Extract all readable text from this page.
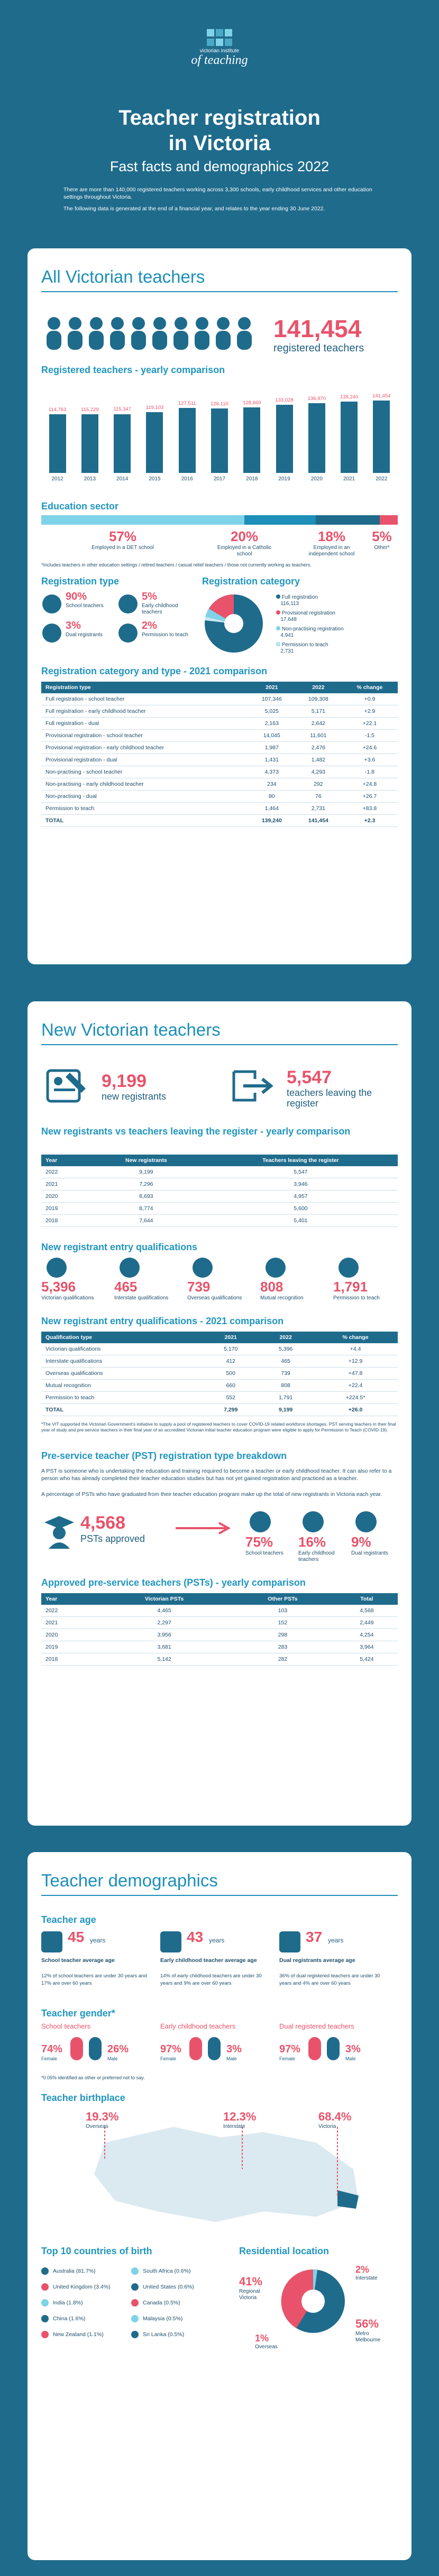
victorian institute
of teaching
Teacher registration
in Victoria
Fast facts and demographics 2022
There are more than 140,000 registered teachers working across 3,300 schools, early childhood services and other education settings throughout Victoria.
The following data is generated at the end of a financial year, and relates to the year ending 30 June 2022.
All Victorian teachers
141,454
registered teachers
Registered teachers - yearly comparison
114,763
2012
115,229
2013
115,347
2014
119,103
2015
127,511
2016
126,110
2017
128,669
2018
133,028
2019
136,970
2020
139,240
2021
141,454
2022
Education sector
57%
Employed in a DET school
20%
Employed in a Catholic school
18%
Employed in an independent school
5%
Other*
*Includes teachers in other education settings / retired teachers / casual relief teachers / those not currently working as teachers.
Registration type
90%
School teachers
5%
Early childhood teachers
3%
Dual registrants
2%
Permission to teach
Registration category
Full registration
116,113
Provisional registration
17,648
Non-practising registration
4,941
Permission to teach
2,731
Registration category and type - 2021 comparison
Registration type	2021	2022	% change
Full registration - school teacher	107,346	109,308	+0.9
Full registration - early childhood teacher	5,025	5,171	+2.9
Full registration - dual	2,163	2,642	+22.1
Provisional registration - school teacher	14,045	11,601	-1.5
Provisional registration - early childhood teacher	1,987	2,476	+24.6
Provisional registration - dual	1,431	1,482	+3.6
Non-practising - school teacher	4,373	4,293	-1.8
Non-practising - early childhood teacher	234	292	+24.8
Non-practising - dual	80	76	+26.7
Permission to teach	1,464	2,731	+83.8
TOTAL	139,240	141,454	+2.3
New Victorian teachers
9,199
new registrants
5,547
teachers leaving the register
New registrants vs teachers leaving the register - yearly comparison
Year	New registrants	Teachers leaving the register
2022	9,199	5,547
2021	7,296	3,946
2020	8,693	4,957
2019	8,774	5,600
2018	7,644	5,401
New registrant entry qualifications
New registrant entry qualifications - 2021 comparison
Qualification type	2021	2022	% change
Victorian qualifications	5,170	5,396	+4.4
Interstate qualifications	412	465	+12.9
Overseas qualifications	500	739	+47.8
Mutual recognition	660	808	+22.4
Permission to teach	552	1,791	+224.5*
TOTAL	7,299	9,199	+26.0
*The VIT supported the Victorian Government's initiative to supply a pool of registered teachers to cover COVID-19 related workforce shortages. PST serving teachers in their final year of study and pre-service teachers in their final year of an accredited Victorian initial teacher education program were eligible to apply for Permission to Teach (COVID-19).
Pre-service teacher (PST) registration type breakdown
A PST is someone who is undertaking the education and training required to become a teacher or early childhood teacher. It can also refer to a person who has already completed their teacher education studies but has not yet gained registration and practiced as a teacher.
A percentage of PSTs who have graduated from their teacher education program make up the total of new registrants in Victoria each year.
4,568
PSTs approved	75%
School teachers
16%
Early childhood teachers
9%
Dual registrants
Approved pre-service teachers (PSTs) - yearly comparison
Year	Victorian PSTs	Other PSTs	Total
2022	4,465	103	4,568
2021	2,297	152	2,449
2020	3,956	298	4,254
2019	3,681	283	3,964
2018	5,142	282	5,424
5,396
Victorian qualifications
465
Interstate qualifications
739
Overseas qualifications
808
Mutual recognition
1,791
Permission to teach
Teacher demographics
Teacher age
Teacher gender*
*0.05% identified as other or preferred not to say.
Teacher birthplace
19.3%
Overseas
12.3%
Interstate
68.4%
Victoria
Top 10 countries of birth	Residential location
41%
Regional Victoria
2%
Interstate
1%
Overseas
56%
Metro Melbourne
45 years
School teacher average age
12% of school teachers are under 30 years and 17% are over 60 years
43 years
Early childhood teacher average age
14% of early childhood teachers are under 30 years and 9% are over 60 years
37 years
Dual registrants average age
36% of dual registered teachers are under 30 years and 4% are over 60 years
School teachers
74%
Female
26%
Male
Early childhood teachers
97%
Female
3%
Male
Dual registered teachers
97%
Female
3%
Male
Australia (81.7%)
United Kingdom (3.4%)
India (1.8%)
China (1.6%)
New Zealand (1.1%)
South Africa (0.6%)
United States (0.6%)
Canada (0.5%)
Malaysia (0.5%)
Sri Lanka (0.5%)
